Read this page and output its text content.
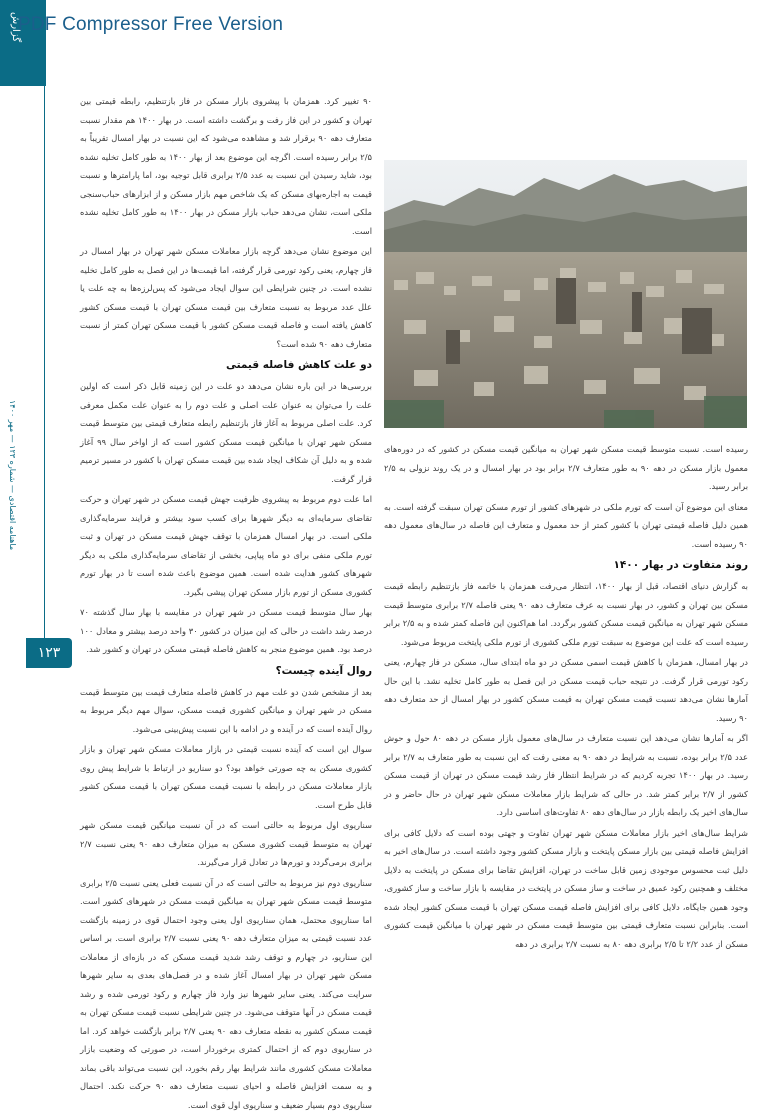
PDF Compressor Free Version
گزارش
ماهنامه اقتصادی — شماره ۱۲۳ — مهر ۱۴۰۰
۱۲۳

رسیده است. نسبت متوسط قیمت مسکن شهر تهران به میانگین قیمت مسکن در کشور که در دوره‌های معمول بازار مسکن در دهه ۹۰ به طور متعارف ۲/۷ برابر بود در بهار امسال و در یک روند نزولی به ۲/۵ برابر رسید.

معنای این موضوع آن است که تورم ملکی در شهرهای کشور از تورم مسکن تهران سبقت گرفته است. به همین دلیل فاصله قیمتی تهران با کشور کمتر از حد معمول و متعارف این فاصله در سال‌های معمول دهه ۹۰ رسیده است.

روند متفاوت در بهار ۱۴۰۰

به گزارش دنیای اقتصاد، قبل از بهار ۱۴۰۰، انتظار می‌رفت همزمان با خاتمه فاز بازتنظیم رابطه قیمت مسکن بین تهران و کشور، در بهار نسبت به عرف متعارف دهه ۹۰ یعنی فاصله ۲/۷ برابری متوسط قیمت مسکن شهر تهران به میانگین قیمت مسکن کشور برگردد. اما هم‌اکنون این فاصله کمتر شده و به ۲/۵ برابر رسیده است که علت این موضوع به سبقت تورم ملکی کشوری از تورم ملکی پایتخت مربوط می‌شود.

در بهار امسال، همزمان با کاهش قیمت اسمی مسکن در دو ماه ابتدای سال، مسکن در فاز چهارم، یعنی رکود تورمی قرار گرفت. در نتیجه حباب قیمت مسکن در این فصل به طور کامل تخلیه نشد. با این حال آمارها نشان می‌دهد نسبت قیمت مسکن تهران به قیمت مسکن کشور در بهار امسال از حد متعارف دهه ۹۰ رسید.

اگر به آمارها نشان می‌دهد این نسبت متعارف در سال‌های معمول بازار مسکن در دهه ۸۰ حول و حوش عدد ۲/۵ برابر بوده، نسبت به شرایط در دهه ۹۰ به معنی رفت که این نسبت به طور متعارف به ۲/۷ برابر رسید. در بهار ۱۴۰۰ تجربه کردیم که در شرایط انتظار فاز رشد قیمت مسکن در تهران از قیمت مسکن کشور از ۲/۷ برابر کمتر شد. در حالی که شرایط بازار معاملات مسکن شهر تهران در حال حاضر و در سال‌های اخیر یک رابطه بازار در سال‌های دهه ۸۰ تفاوت‌های اساسی دارد.

شرایط سال‌های اخیر بازار معاملات مسکن شهر تهران تفاوت و جهتی بوده است که دلایل کافی برای افزایش فاصله قیمتی بین بازار مسکن پایتخت و بازار مسکن کشور وجود داشته است. در سال‌های اخیر به دلیل ثبت محسوس موجودی زمین قابل ساخت در تهران، افزایش تقاضا برای مسکن در پایتخت به دلایل مختلف و همچنین رکود عمیق در ساخت و ساز مسکن در پایتخت در مقایسه با بازار ساخت و ساز کشوری، وجود همین جایگاه، دلایل کافی برای افزایش فاصله قیمت مسکن تهران با قیمت مسکن کشور ایجاد شده است. بنابراین نسبت متعارف قیمتی بین متوسط قیمت مسکن در شهر تهران با میانگین قیمت کشوری مسکن از عدد ۲/۲ تا ۲/۵ برابری دهه ۸۰ به نسبت ۲/۷ برابری در دهه

۹۰ تغییر کرد. همزمان با پیشروی بازار مسکن در فاز بازتنظیم، رابطه قیمتی بین تهران و کشور در این فاز رفت و برگشت داشته است. در بهار ۱۴۰۰ هم مقدار نسبت متعارف دهه ۹۰ برقرار شد و مشاهده می‌شود که این نسبت در بهار امسال تقریباً به ۲/۵ برابر رسیده است. اگرچه این موضوع بعد از بهار ۱۴۰۰ به طور کامل تخلیه نشده بود، شاید رسیدن این نسبت به عدد ۲/۵ برابری قابل توجیه بود، اما پارامترها و نسبت قیمت به اجاره‌بهای مسکن که یک شاخص مهم بازار مسکن و از ابزارهای حباب‌سنجی ملکی است، نشان می‌دهد حباب بازار مسکن در بهار ۱۴۰۰ به طور کامل تخلیه نشده است.

این موضوع نشان می‌دهد گرچه بازار معاملات مسکن شهر تهران در بهار امسال در فاز چهارم، یعنی رکود تورمی قرار گرفته، اما قیمت‌ها در این فصل به طور کامل تخلیه نشده است. در چنین شرایطی این سوال ایجاد می‌شود که پس‌لرزه‌ها به چه علت یا علل عدد مربوط به نسبت متعارف بین قیمت مسکن تهران با قیمت مسکن کشور کاهش یافته است و فاصله قیمت مسکن کشور با قیمت مسکن تهران کمتر از نسبت متعارف دهه ۹۰ شده است؟

دو علت کاهش فاصله قیمتی

بررسی‌ها در این باره نشان می‌دهد دو علت در این زمینه قابل ذکر است که اولین علت را می‌توان به عنوان علت اصلی و علت دوم را به عنوان علت مکمل معرفی کرد. علت اصلی مربوط به آغاز فاز بازتنظیم رابطه متعارف قیمتی بین متوسط قیمت مسکن شهر تهران با میانگین قیمت مسکن کشور است که از اواخر سال ۹۹ آغاز شده و به دلیل آن شکاف ایجاد شده بین قیمت مسکن تهران با کشور در مسیر ترمیم قرار گرفت.

اما علت دوم مربوط به پیشروی ظرفیت جهش قیمت مسکن در شهر تهران و حرکت تقاضای سرمایه‌ای به دیگر شهرها برای کسب سود بیشتر و فرایند سرمایه‌گذاری ملکی است. در بهار امسال همزمان با توقف جهش قیمت مسکن در تهران و ثبت تورم ملکی منفی برای دو ماه پیاپی، بخشی از تقاضای سرمایه‌گذاری ملکی به دیگر شهرهای کشور هدایت شده است. همین موضوع باعث شده است تا در بهار تورم کشوری مسکن از تورم بازار مسکن تهران پیشی بگیرد.

بهار سال متوسط قیمت مسکن در شهر تهران در مقایسه با بهار سال گذشته ۷۰ درصد رشد داشت در حالی که این میزان در کشور ۳۰ واحد درصد بیشتر و معادل ۱۰۰ درصد بود. همین موضوع منجر به کاهش فاصله قیمتی مسکن در تهران و کشور شد.

روال آینده چیست؟

بعد از مشخص شدن دو علت مهم در کاهش فاصله متعارف قیمت بین متوسط قیمت مسکن در شهر تهران و میانگین کشوری قیمت مسکن، سوال مهم دیگر مربوط به روال آینده است که در آینده و در ادامه با این نسبت پیش‌بینی می‌شود.

سوال این است که آینده نسبت قیمتی در بازار معاملات مسکن شهر تهران و بازار کشوری مسکن به چه صورتی خواهد بود؟ دو سناریو در ارتباط با شرایط پیش روی بازار معاملات مسکن در رابطه با نسبت قیمت مسکن تهران با قیمت مسکن کشور قابل طرح است.

سناریوی اول مربوط به حالتی است که در آن نسبت میانگین قیمت مسکن شهر تهران به متوسط قیمت کشوری مسکن به میزان متعارف دهه ۹۰ یعنی نسبت ۲/۷ برابری برمی‌گردد و تورم‌ها در تعادل قرار می‌گیرند.

سناریوی دوم نیز مربوط به حالتی است که در آن نسبت فعلی یعنی نسبت ۲/۵ برابری متوسط قیمت مسکن شهر تهران به میانگین قیمت مسکن در شهرهای کشور است. اما سناریوی محتمل، همان سناریوی اول یعنی وجود احتمال قوی در زمینه بازگشت عدد نسبت قیمتی به میزان متعارف دهه ۹۰ یعنی نسبت ۲/۷ برابری است. بر اساس این سناریو، در چهارم و توقف رشد شدید قیمت مسکن که در بازه‌ای از معاملات مسکن شهر تهران در بهار امسال آغاز شده و در فصل‌های بعدی به سایر شهرها سرایت می‌کند. یعنی سایر شهرها نیز وارد فاز چهارم و رکود تورمی شده و رشد قیمت مسکن در آنها متوقف می‌شود. در چنین شرایطی نسبت قیمت مسکن تهران به قیمت مسکن کشور به نقطه متعارف دهه ۹۰ یعنی ۲/۷ برابر بازگشت خواهد کرد. اما در سناریوی دوم که از احتمال کمتری برخوردار است، در صورتی که وضعیت بازار معاملات مسکن کشوری مانند شرایط بهار رقم بخورد، این نسبت می‌تواند باقی بماند و به سمت افزایش فاصله و احیای نسبت متعارف دهه ۹۰ حرکت نکند. احتمال سناریوی دوم بسیار ضعیف و سناریوی اول قوی است.
